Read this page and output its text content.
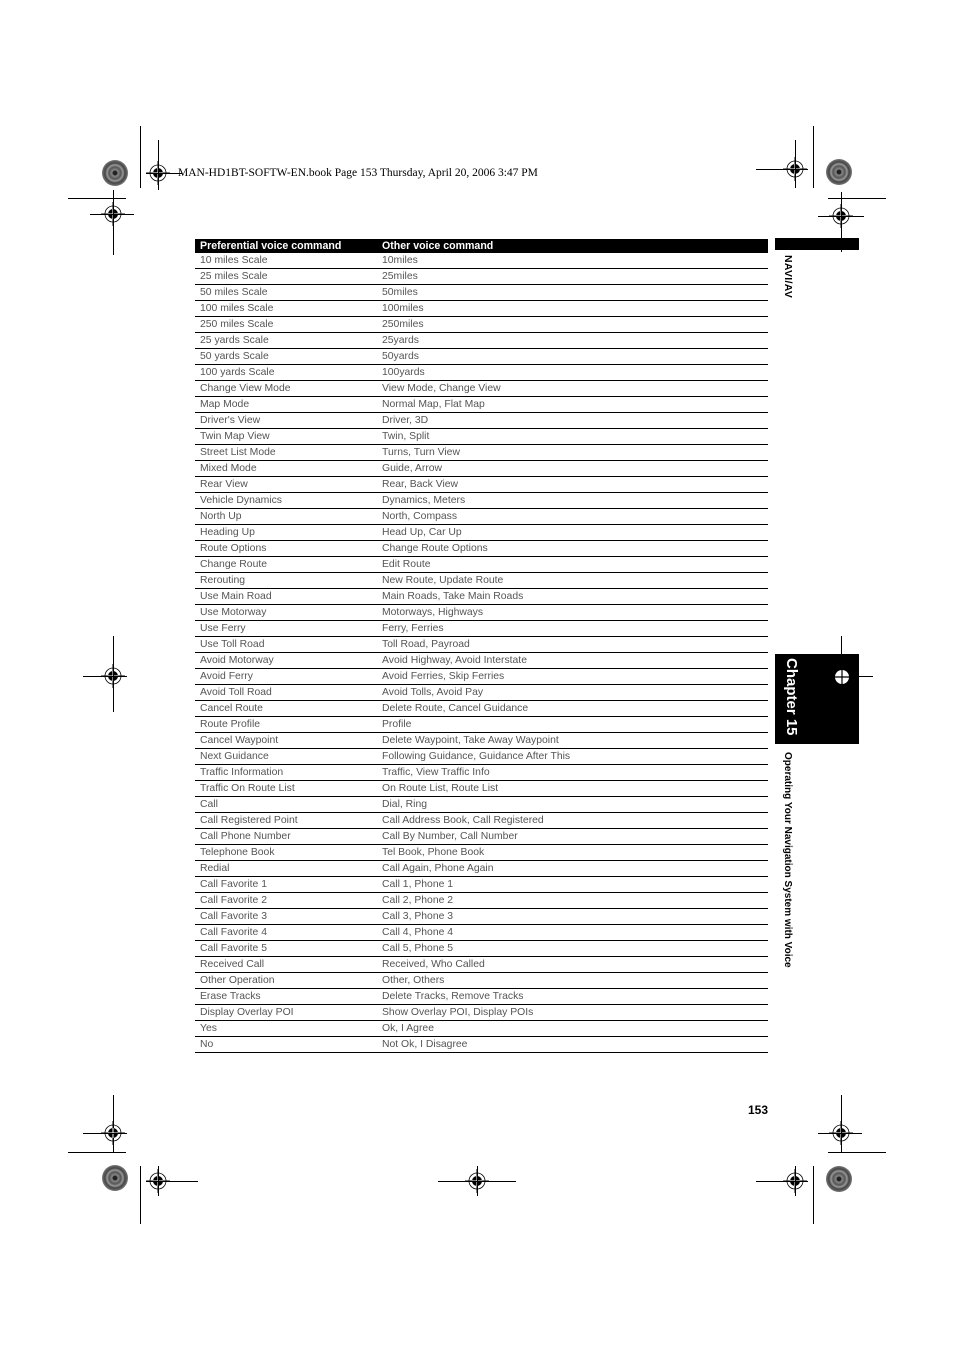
MAN-HD1BT-SOFTW-EN.book Page 153 Thursday, April 20, 2006 3:47 PM
Preferential voice command	Other voice command
10 miles Scale	10miles
25 miles Scale	25miles
50 miles Scale	50miles
100 miles Scale	100miles
250 miles Scale	250miles
25 yards Scale	25yards
50 yards Scale	50yards
100 yards Scale	100yards
Change View Mode	View Mode, Change View
Map Mode	Normal Map, Flat Map
Driver's View	Driver, 3D
Twin Map View	Twin, Split
Street List Mode	Turns, Turn View
Mixed Mode	Guide, Arrow
Rear View	Rear, Back View
Vehicle Dynamics	Dynamics, Meters
North Up	North, Compass
Heading Up	Head Up, Car Up
Route Options	Change Route Options
Change Route	Edit Route
Rerouting	New Route, Update Route
Use Main Road	Main Roads, Take Main Roads
Use Motorway	Motorways, Highways
Use Ferry	Ferry, Ferries
Use Toll Road	Toll Road, Payroad
Avoid Motorway	Avoid Highway, Avoid Interstate
Avoid Ferry	Avoid Ferries, Skip Ferries
Avoid Toll Road	Avoid Tolls, Avoid Pay
Cancel Route	Delete Route, Cancel Guidance
Route Profile	Profile
Cancel Waypoint	Delete Waypoint, Take Away Waypoint
Next Guidance	Following Guidance, Guidance After This
Traffic Information	Traffic, View Traffic Info
Traffic On Route List	On Route List, Route List
Call	Dial, Ring
Call Registered Point	Call Address Book, Call Registered
Call Phone Number	Call By Number, Call Number
Telephone Book	Tel Book, Phone Book
Redial	Call Again, Phone Again
Call Favorite 1	Call 1, Phone 1
Call Favorite 2	Call 2, Phone 2
Call Favorite 3	Call 3, Phone 3
Call Favorite 4	Call 4, Phone 4
Call Favorite 5	Call 5, Phone 5
Received Call	Received, Who Called
Other Operation	Other, Others
Erase Tracks	Delete Tracks, Remove Tracks
Display Overlay POI	Show Overlay POI, Display POIs
Yes	Ok, I Agree
No	Not Ok, I Disagree
NAVI/AV
Chapter 15
Operating Your Navigation System with Voice
153
